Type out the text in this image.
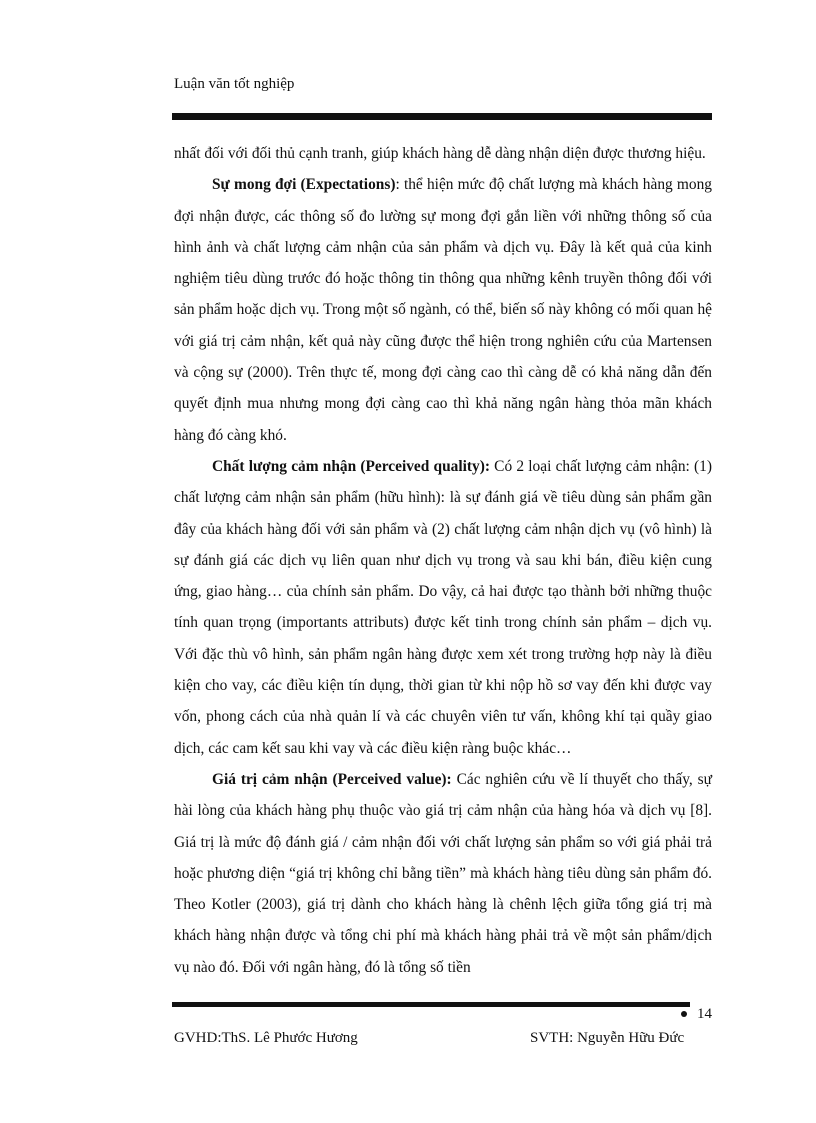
Luận văn tốt nghiệp

nhất đối với đối thủ cạnh tranh, giúp khách hàng dễ dàng nhận diện được thương hiệu.

Sự mong đợi (Expectations): thể hiện mức độ chất lượng mà khách hàng mong đợi nhận được, các thông số đo lường sự mong đợi gắn liền với những thông số của hình ảnh và chất lượng cảm nhận của sản phẩm và dịch vụ. Đây là kết quả của kinh nghiệm tiêu dùng trước đó hoặc thông tin thông qua những kênh truyền thông đối với sản phẩm hoặc dịch vụ. Trong một số ngành, có thể, biến số này không có mối quan hệ với giá trị cảm nhận, kết quả này cũng được thể hiện trong nghiên cứu của Martensen và cộng sự (2000). Trên thực tế, mong đợi càng cao thì càng dễ có khả năng dẫn đến quyết định mua nhưng mong đợi càng cao thì khả năng ngân hàng thỏa mãn khách hàng đó càng khó.

Chất lượng cảm nhận (Perceived quality): Có 2 loại chất lượng cảm nhận: (1) chất lượng cảm nhận sản phẩm (hữu hình): là sự đánh giá về tiêu dùng sản phẩm gần đây của khách hàng đối với sản phẩm và (2) chất lượng cảm nhận dịch vụ (vô hình) là sự đánh giá các dịch vụ liên quan như dịch vụ trong và sau khi bán, điều kiện cung ứng, giao hàng… của chính sản phẩm. Do vậy, cả hai được tạo thành bởi những thuộc tính quan trọng (importants attributs) được kết tinh trong chính sản phẩm – dịch vụ. Với đặc thù vô hình, sản phẩm ngân hàng được xem xét trong trường hợp này là điều kiện cho vay, các điều kiện tín dụng, thời gian từ khi nộp hồ sơ vay đến khi được vay vốn, phong cách của nhà quản lí và các chuyên viên tư vấn, không khí tại quầy giao dịch, các cam kết sau khi vay và các điều kiện ràng buộc khác…

Giá trị cảm nhận (Perceived value): Các nghiên cứu về lí thuyết cho thấy, sự hài lòng của khách hàng phụ thuộc vào giá trị cảm nhận của hàng hóa và dịch vụ [8]. Giá trị là mức độ đánh giá / cảm nhận đối với chất lượng sản phẩm so với giá phải trả hoặc phương diện “giá trị không chỉ bằng tiền” mà khách hàng tiêu dùng sản phẩm đó. Theo Kotler (2003), giá trị dành cho khách hàng là chênh lệch giữa tổng giá trị mà khách hàng nhận được và tổng chi phí mà khách hàng phải trả về một sản phẩm/dịch vụ nào đó. Đối với ngân hàng, đó là tổng số tiền

14
GVHD:ThS. Lê Phước Hương	SVTH: Nguyễn Hữu Đức
